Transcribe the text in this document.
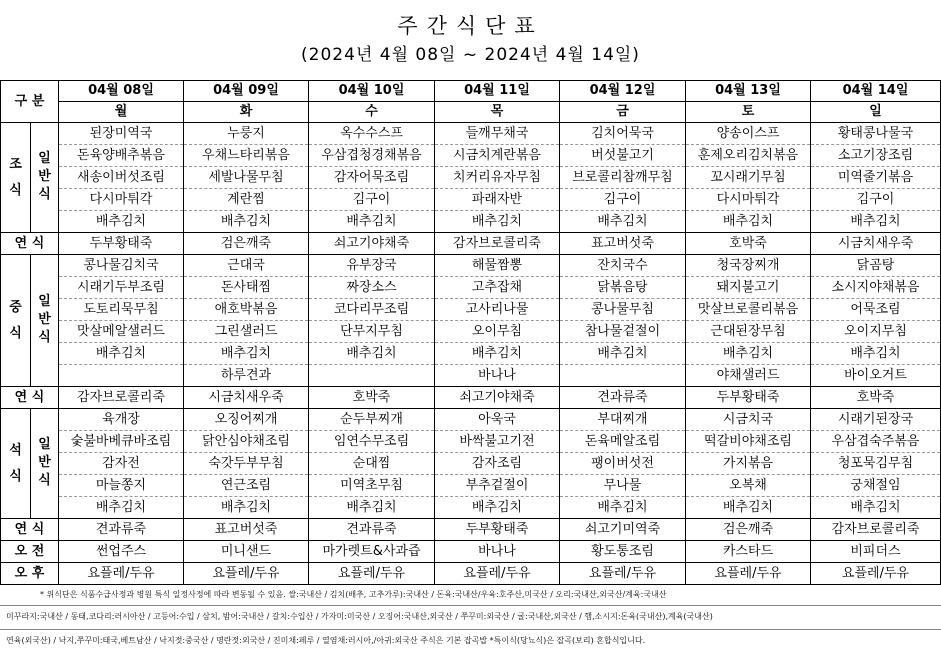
주간식단표
(2024년 4월 08일 ~ 2024년 4월 14일)
구 분		04월 08일	04월 09일	04월 10일	04월 11일	04월 12일	04월 13일	04월 14일
		월	화	수	목	금	토	일
조식	일반식	된장미역국	누룽지	옥수수스프	들깨무채국	김치어묵국	양송이스프	황태콩나물국
		돈육양배추볶음	우채느타리볶음	우삼겹청경채볶음	시금치계란볶음	버섯불고기	훈제오리김치볶음	소고기장조림
		새송이버섯조림	세발나물무침	감자어묵조림	치커리유자무침	브로콜리참깨무침	꼬시래기무침	미역줄기볶음
		다시마튀각	계란찜	김구이	파래자반	김구이	다시마튀각	김구이
		배추김치	배추김치	배추김치	배추김치	배추김치	배추김치	배추김치
연 식		두부황태죽	검은깨죽	쇠고기야채죽	감자브로콜리죽	표고버섯죽	호박죽	시금치새우죽
중식	일반식	콩나물김치국	근대국	유부장국	해물짬뽕	잔치국수	청국장찌개	닭곰탕
		시래기두부조림	돈사태찜	짜장소스	고추잡채	닭볶음탕	돼지불고기	소시지야채볶음
		도토리묵무침	애호박볶음	코다리무조림	고사리나물	콩나물무침	맛살브로콜리볶음	어묵조림
		맛살메알샐러드	그린샐러드	단무지무침	오이무침	참나물겉절이	근대된장무침	오이지무침
		배추김치	배추김치	배추김치	배추김치	배추김치	배추김치	배추김치
			하루견과		바나나		야채샐러드	바이오거트
연 식		감자브로콜리죽	시금치새우죽	호박죽	쇠고기야채죽	견과류죽	두부황태죽	호박죽
석식	일반식	육개장	오징어찌개	순두부찌개	아욱국	부대찌개	시금치국	시래기된장국
		숯불바베큐바조림	닭안심야채조림	임연수무조림	바싹불고기전	돈육메알조림	떡갈비야채조림	우삼겹숙주볶음
		감자전	숙갓두부무침	순대찜	감자조림	팽이버섯전	가지볶음	청포묵김무침
		마늘쫑지	연근조림	미역초무침	부추겉절이	무나물	오복채	궁채절임
		배추김치	배추김치	배추김치	배추김치	배추김치	배추김치	배추김치
연 식		견과류죽	표고버섯죽	견과류죽	두부황태죽	쇠고기미역죽	검은깨죽	감자브로콜리죽
오 전		썬업주스	미니샌드	마가렛트&사과즙	바나나	황도통조림	카스타드	비피더스
오 후		요플레/두유	요플레/두유	요플레/두유	요플레/두유	요플레/두유	요플레/두유	요플레/두유
* 위식단은 식품수급사정과 병원 특식 일정사정에 따라 변동될 수 있음. 쌀:국내산 / 김치(배추, 고추가루):국내산 / 돈육:국내산/우육:호주산,미국산 / 오리:국내산,외국산/계육:국내산
미꾸라지:국내산 / 동태,코다리:러시아산 / 고등어:수입 / 삼치, 밤어:국내산 / 갈치:수입산 / 가자미:미국산 / 오징어:국내산,외국산 / 쭈꾸미:외국산 / 굴:국내산,외국산 / 햄,소시지:돈육(국내산),계육(국내산)
연육(외국산) / 낙지,쭈꾸미:태국,베트남산 / 낙지젓:중국산 / 명란젓:외국산 / 진미채:페루 / 열염채:러시아,/아귀:외국산 주식은 기본 잡곡밥 *특이식(당뇨식)은 잡곡(보리) 혼합식입니다.
